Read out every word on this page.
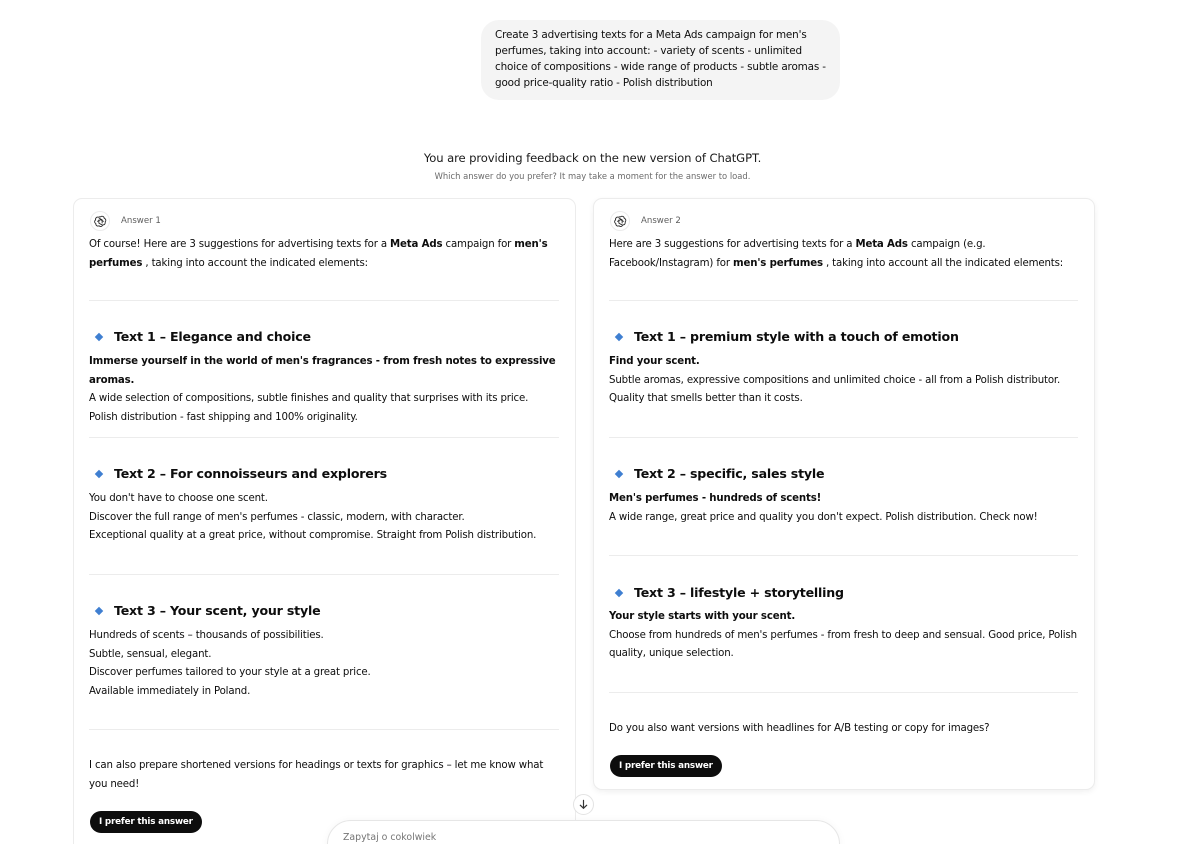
Create 3 advertising texts for a Meta Ads campaign for men's perfumes, taking into account: - variety of scents - unlimited choice of compositions - wide range of products - subtle aromas - good price-quality ratio - Polish distribution
You are providing feedback on the new version of ChatGPT.
Which answer do you prefer? It may take a moment for the answer to load.
Answer 1
Of course! Here are 3 suggestions for advertising texts for a Meta Ads campaign for men's perfumes , taking into account the indicated elements:
Text 1 – Elegance and choice
Immerse yourself in the world of men's fragrances - from fresh notes to expressive aromas.
A wide selection of compositions, subtle finishes and quality that surprises with its price.
Polish distribution - fast shipping and 100% originality.
Text 2 – For connoisseurs and explorers
You don't have to choose one scent.
Discover the full range of men's perfumes - classic, modern, with character.
Exceptional quality at a great price, without compromise. Straight from Polish distribution.
Text 3 – Your scent, your style
Hundreds of scents – thousands of possibilities.
Subtle, sensual, elegant.
Discover perfumes tailored to your style at a great price.
Available immediately in Poland.
I can also prepare shortened versions for headings or texts for graphics – let me know what you need!
I prefer this answer
Answer 2
Here are 3 suggestions for advertising texts for a Meta Ads campaign (e.g. Facebook/Instagram) for men's perfumes , taking into account all the indicated elements:
Text 1 – premium style with a touch of emotion
Find your scent.
Subtle aromas, expressive compositions and unlimited choice - all from a Polish distributor. Quality that smells better than it costs.
Text 2 – specific, sales style
Men's perfumes - hundreds of scents!
A wide range, great price and quality you don't expect. Polish distribution. Check now!
Text 3 – lifestyle + storytelling
Your style starts with your scent.
Choose from hundreds of men's perfumes - from fresh to deep and sensual. Good price, Polish quality, unique selection.
Do you also want versions with headlines for A/B testing or copy for images?
I prefer this answer
Zapytaj o cokolwiek
